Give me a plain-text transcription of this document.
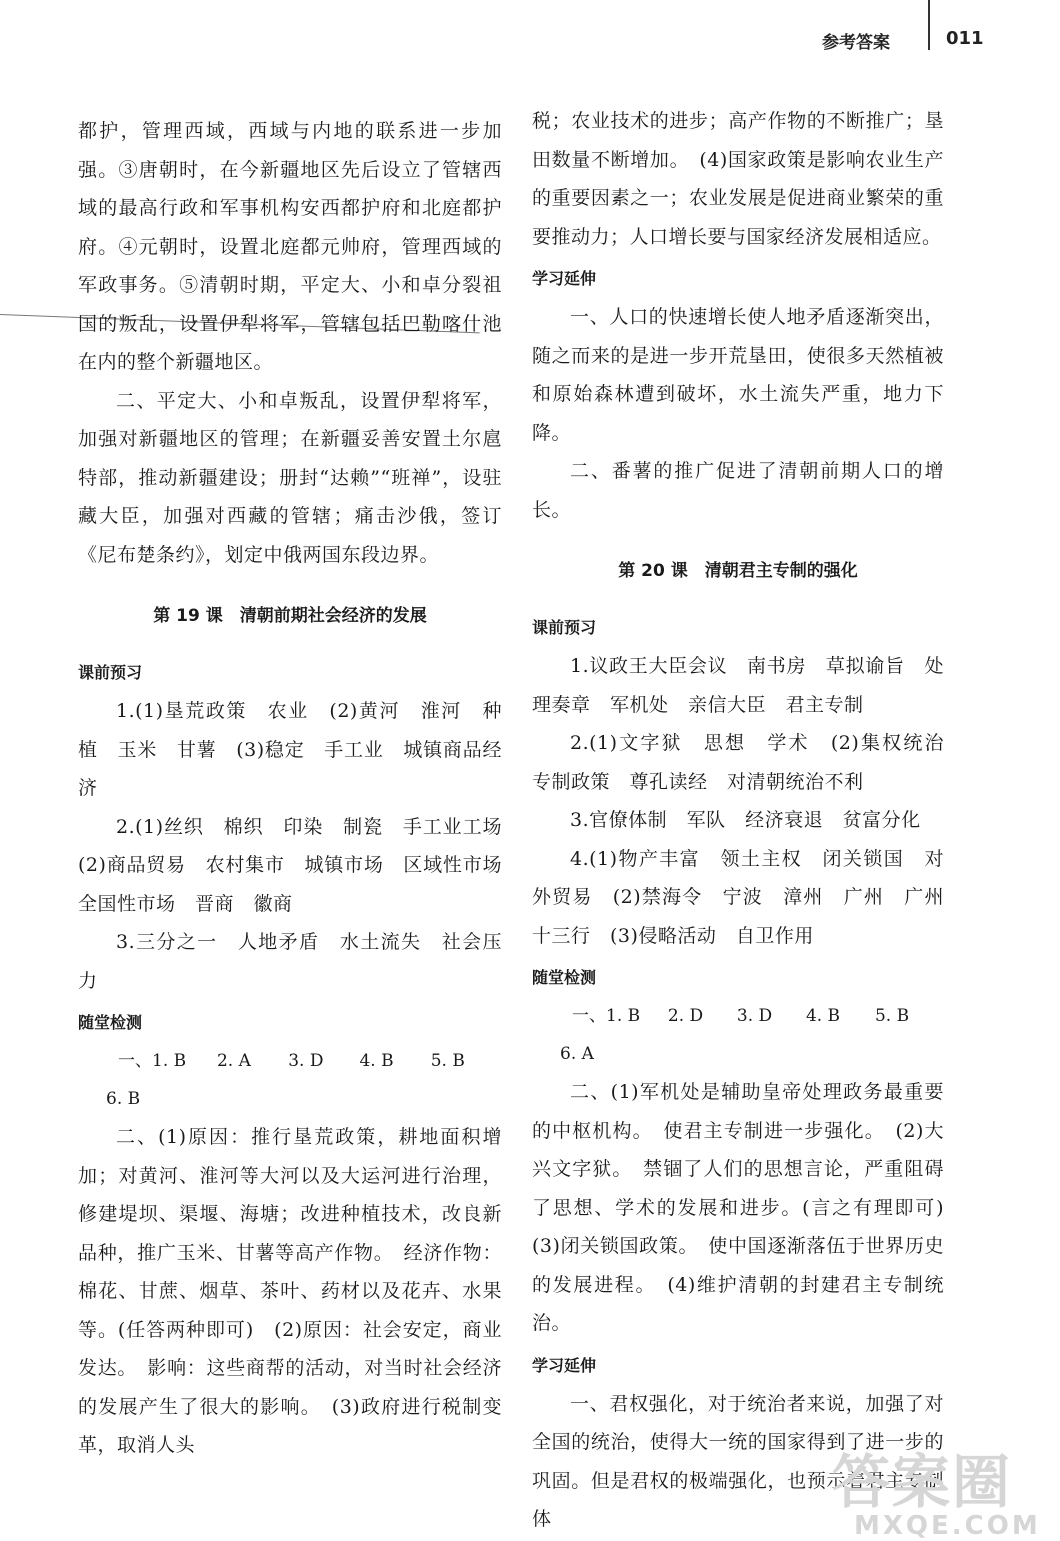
参考答案	011

都护，管理西域，西域与内地的联系进一步加强。③唐朝时，在今新疆地区先后设立了管辖西域的最高行政和军事机构安西都护府和北庭都护府。④元朝时，设置北庭都元帅府，管理西域的军政事务。⑤清朝时期，平定大、小和卓分裂祖国的叛乱，设置伊犁将军，管辖包括巴勒喀什池在内的整个新疆地区。

二、平定大、小和卓叛乱，设置伊犁将军，加强对新疆地区的管理；在新疆妥善安置土尔扈特部，推动新疆建设；册封“达赖”“班禅”，设驻藏大臣，加强对西藏的管辖；痛击沙俄，签订《尼布楚条约》，划定中俄两国东段边界。

第 19 课　清朝前期社会经济的发展
课前预习

1.(1)垦荒政策　农业　(2)黄河　淮河　种植　玉米　甘薯　(3)稳定　手工业　城镇商品经济

2.(1)丝织　棉织　印染　制瓷　手工业工场　(2)商品贸易　农村集市　城镇市场　区域性市场　全国性市场　晋商　徽商

3.三分之一　人地矛盾　水土流失　社会压力

随堂检测
一、1. B	2. A	3. D	4. B	5. B
6. B

二、(1)原因：推行垦荒政策，耕地面积增加；对黄河、淮河等大河以及大运河进行治理，修建堤坝、渠堰、海塘；改进种植技术，改良新品种，推广玉米、甘薯等高产作物。　经济作物：棉花、甘蔗、烟草、茶叶、药材以及花卉、水果等。(任答两种即可)　(2)原因：社会安定，商业发达。　影响：这些商帮的活动，对当时社会经济的发展产生了很大的影响。　(3)政府进行税制变革，取消人头

税；农业技术的进步；高产作物的不断推广；垦田数量不断增加。　(4)国家政策是影响农业生产的重要因素之一；农业发展是促进商业繁荣的重要推动力；人口增长要与国家经济发展相适应。

学习延伸

一、人口的快速增长使人地矛盾逐渐突出，随之而来的是进一步开荒垦田，使很多天然植被和原始森林遭到破坏，水土流失严重，地力下降。

二、番薯的推广促进了清朝前期人口的增长。

第 20 课　清朝君主专制的强化
课前预习

1.议政王大臣会议　南书房　草拟谕旨　处理奏章　军机处　亲信大臣　君主专制

2.(1)文字狱　思想　学术　(2)集权统治　专制政策　尊孔读经　对清朝统治不利

3.官僚体制　军队　经济衰退　贫富分化

4.(1)物产丰富　领土主权　闭关锁国　对外贸易　(2)禁海令　宁波　漳州　广州　广州十三行　(3)侵略活动　自卫作用

随堂检测
一、1. B	2. D	3. D	4. B	5. B
6. A

二、(1)军机处是辅助皇帝处理政务最重要的中枢机构。　使君主专制进一步强化。　(2)大兴文字狱。　禁锢了人们的思想言论，严重阻碍了思想、学术的发展和进步。(言之有理即可)　(3)闭关锁国政策。　使中国逐渐落伍于世界历史的发展进程。　(4)维护清朝的封建君主专制统治。

学习延伸

一、君权强化，对于统治者来说，加强了对全国的统治，使得大一统的国家得到了进一步的巩固。但是君权的极端强化，也预示着君主专制体

答案圈
MXQE.COM
